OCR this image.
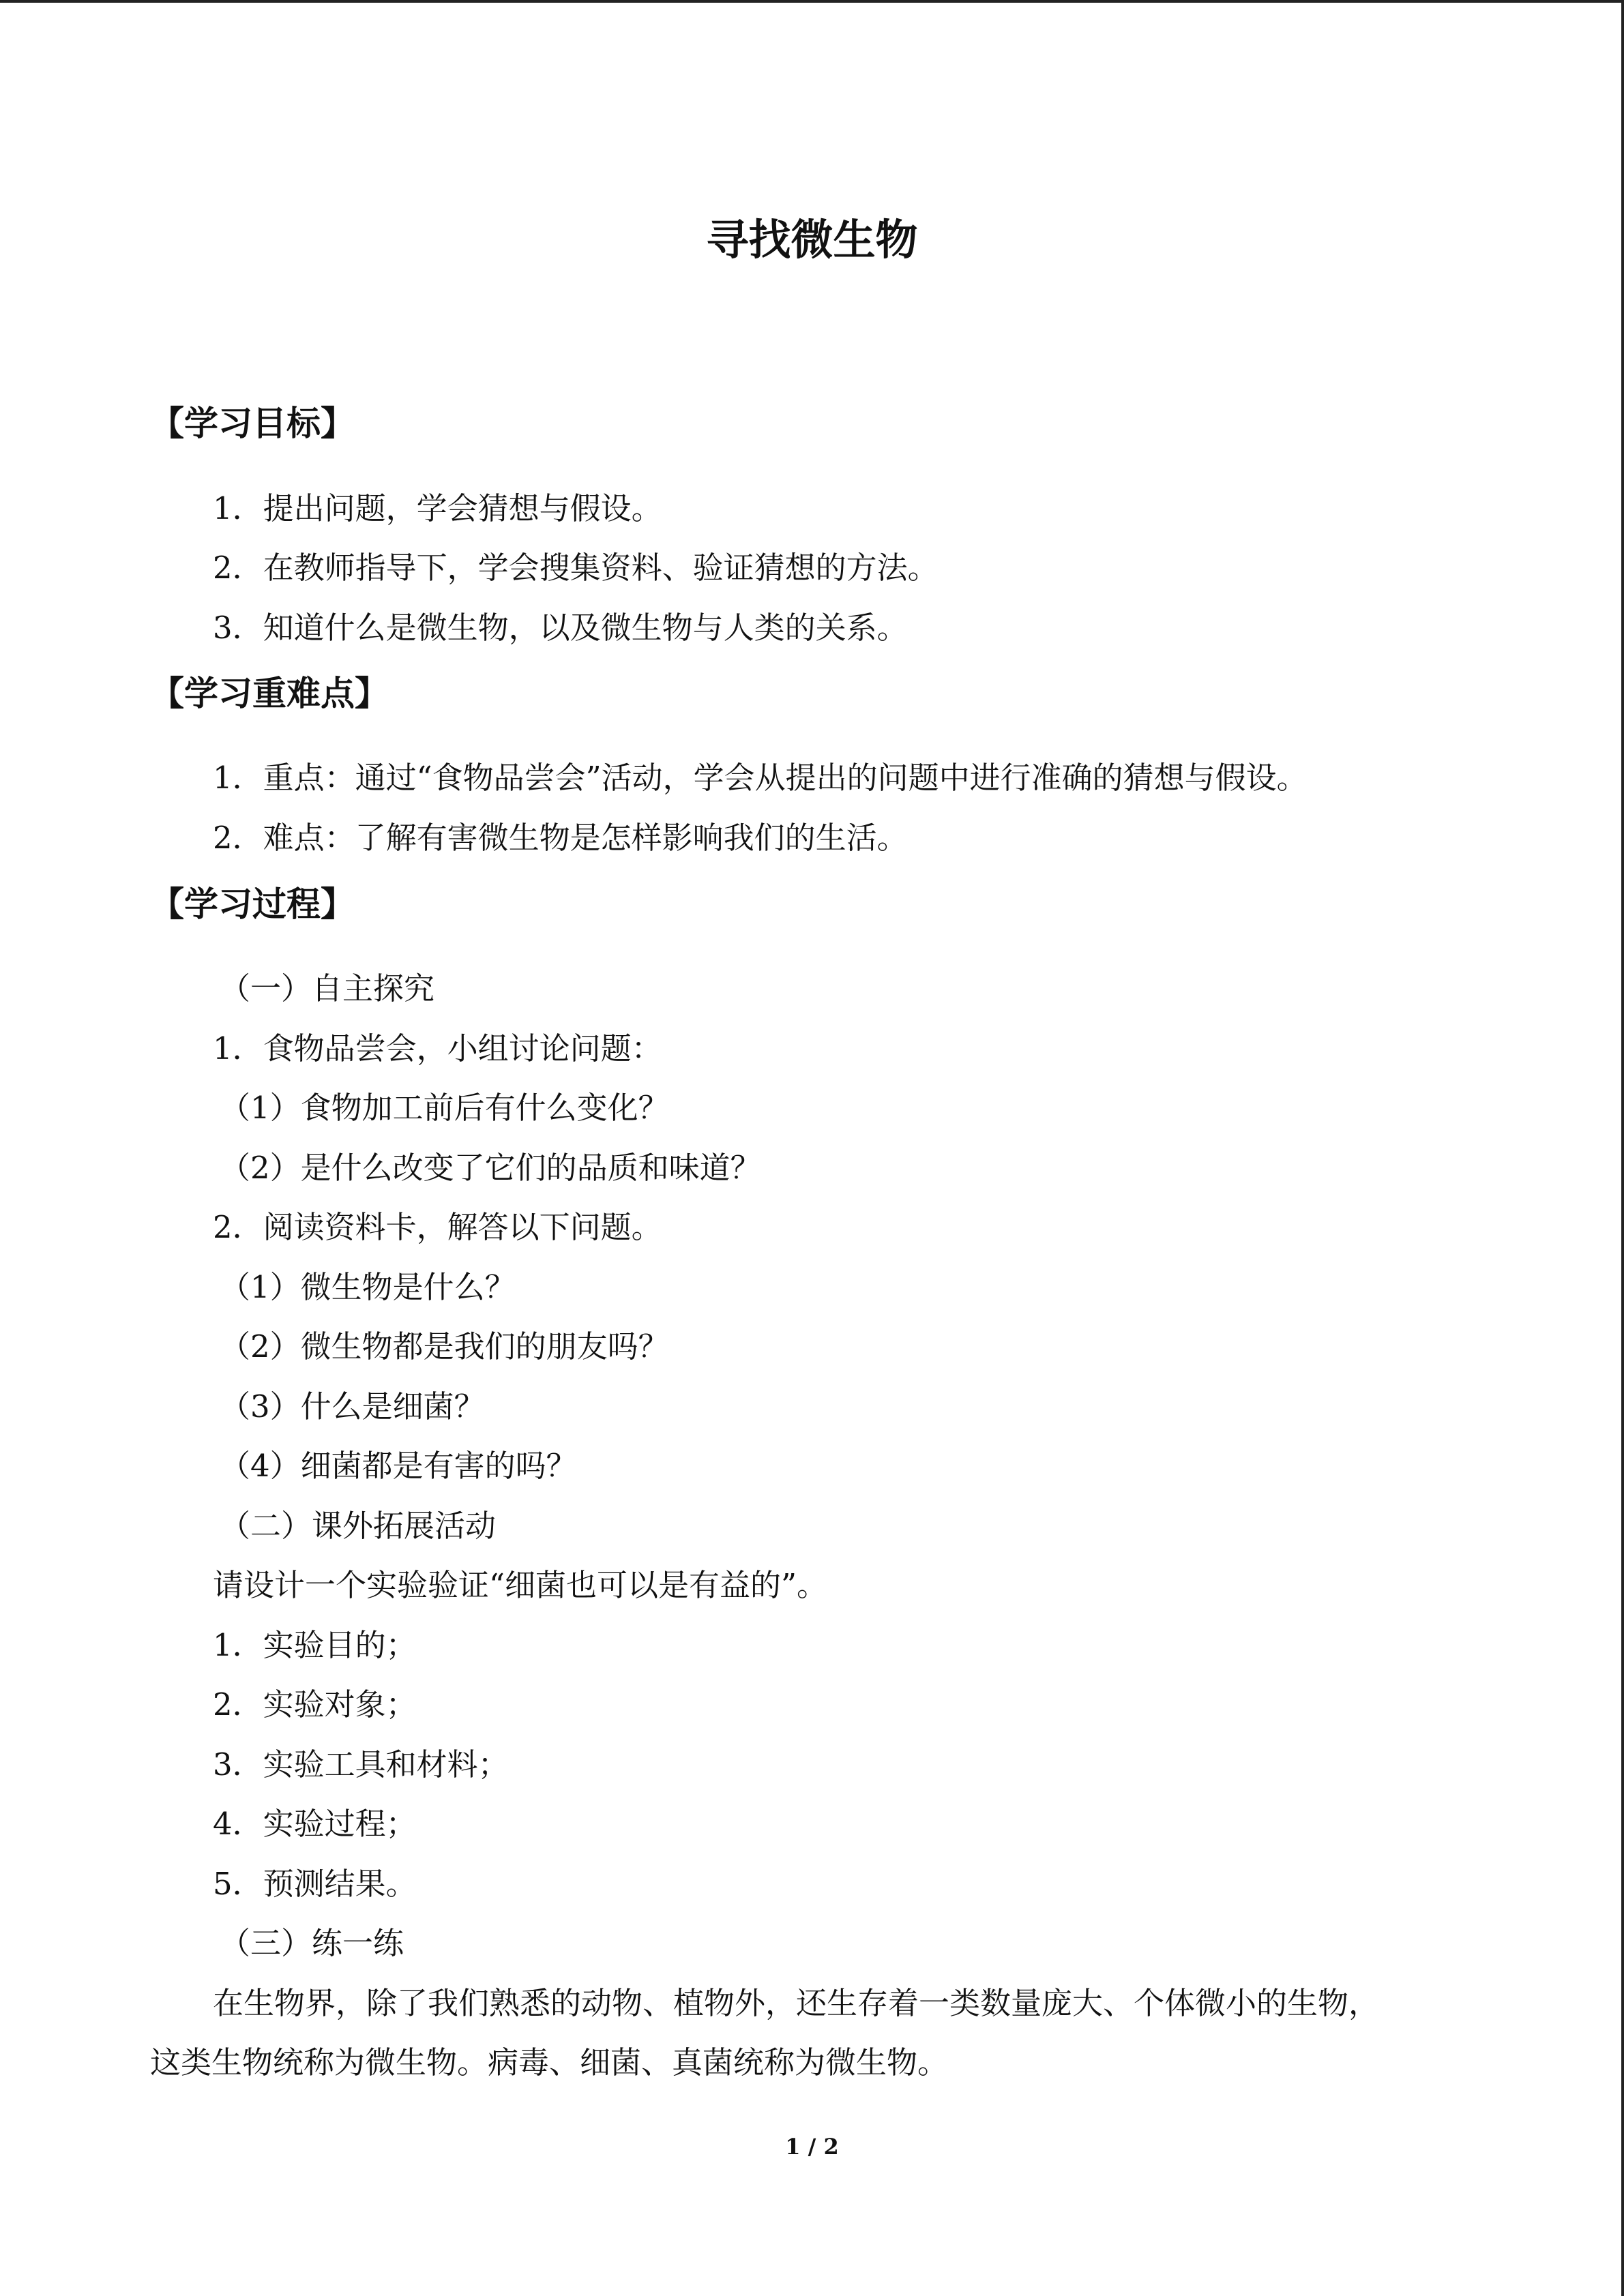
寻找微生物
【学习目标】
1．提出问题，学会猜想与假设。
2．在教师指导下，学会搜集资料、验证猜想的方法。
3．知道什么是微生物，以及微生物与人类的关系。
【学习重难点】
1．重点：通过“食物品尝会”活动，学会从提出的问题中进行准确的猜想与假设。
2．难点：了解有害微生物是怎样影响我们的生活。
【学习过程】
（一）自主探究
1．食物品尝会，小组讨论问题：
（1）食物加工前后有什么变化？
（2）是什么改变了它们的品质和味道？
2．阅读资料卡，解答以下问题。
（1）微生物是什么？
（2）微生物都是我们的朋友吗？
（3）什么是细菌？
（4）细菌都是有害的吗？
（二）课外拓展活动
请设计一个实验验证“细菌也可以是有益的”。
1．实验目的；
2．实验对象；
3．实验工具和材料；
4．实验过程；
5．预测结果。
（三）练一练
在生物界，除了我们熟悉的动物、植物外，还生存着一类数量庞大、个体微小的生物，
这类生物统称为微生物。病毒、细菌、真菌统称为微生物。
1 / 2
